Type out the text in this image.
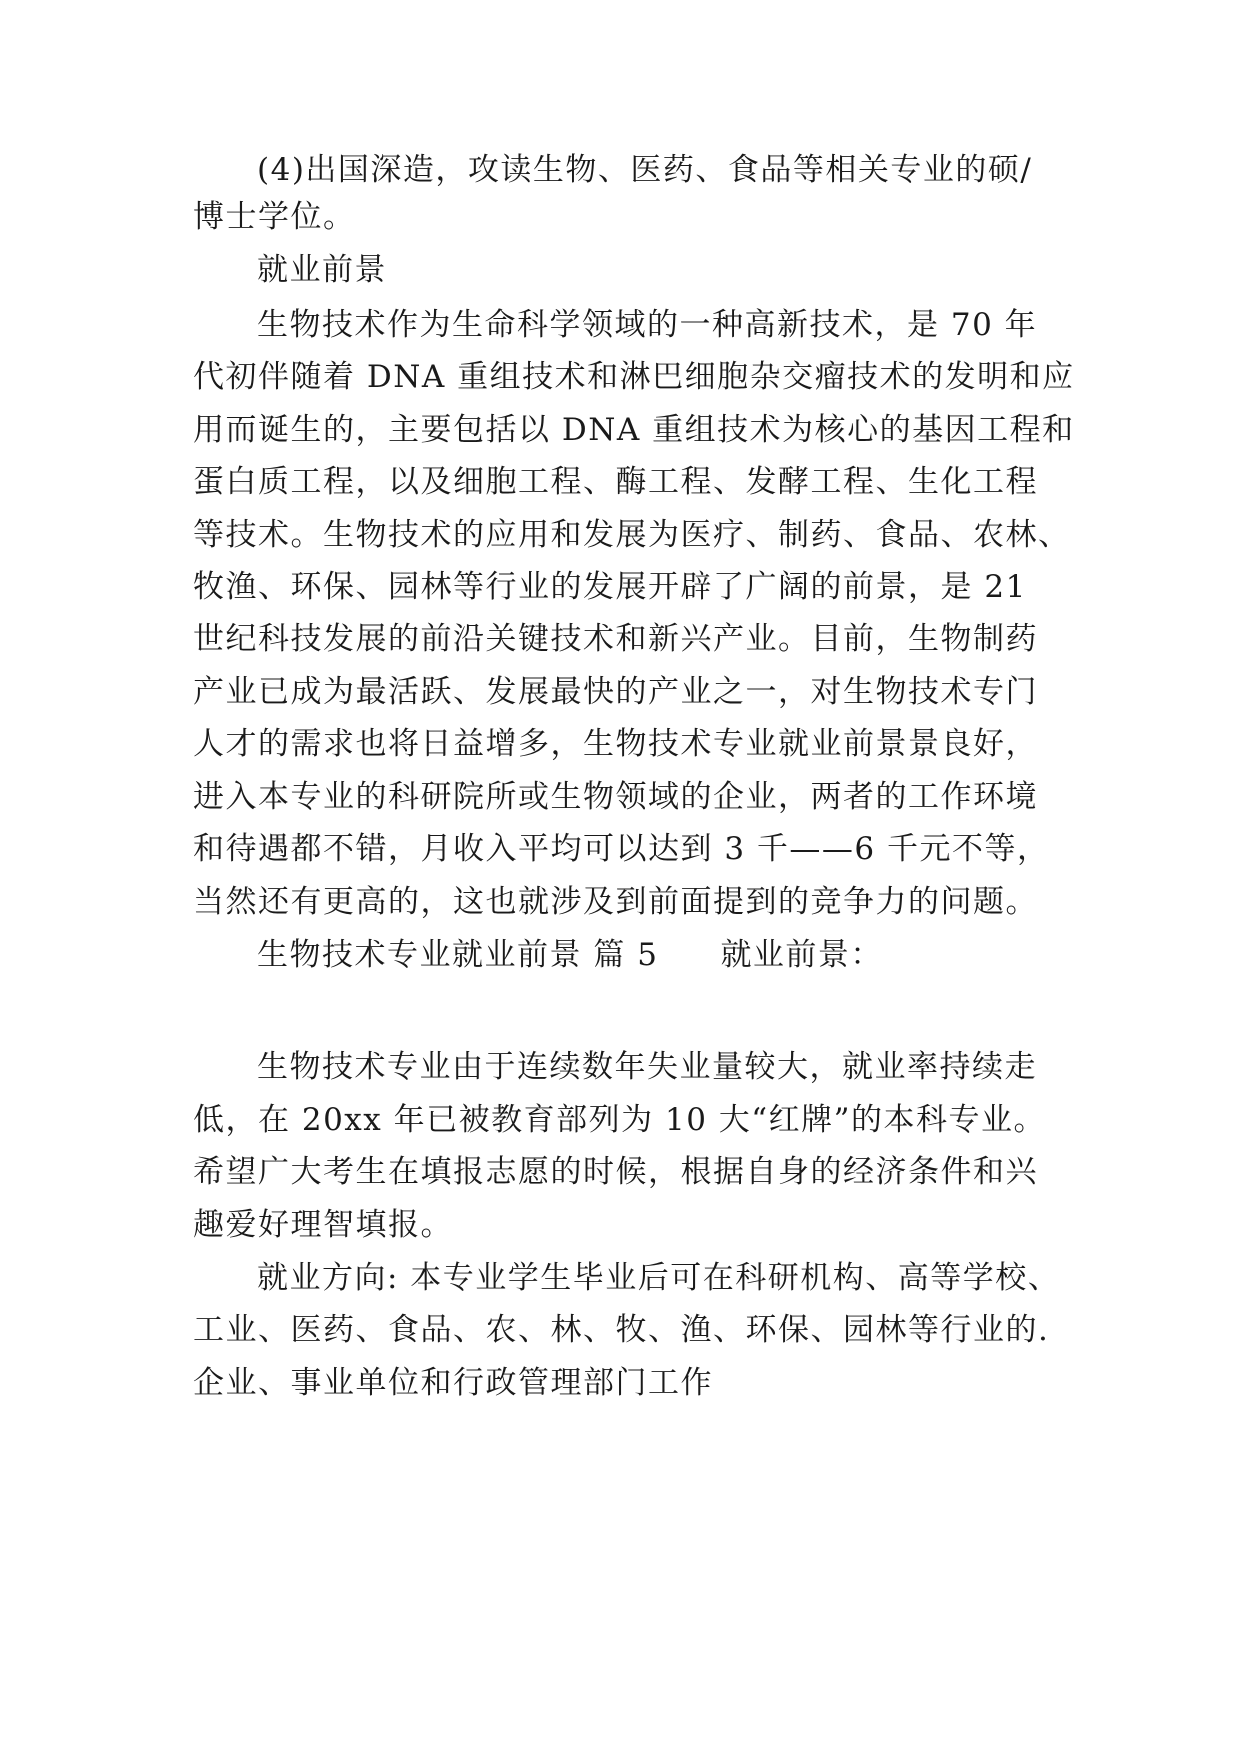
(4)出国深造，攻读生物、医药、食品等相关专业的硕/
博士学位。
就业前景
生物技术作为生命科学领域的一种高新技术，是 70 年
代初伴随着 DNA 重组技术和淋巴细胞杂交瘤技术的发明和应
用而诞生的，主要包括以 DNA 重组技术为核心的基因工程和
蛋白质工程，以及细胞工程、酶工程、发酵工程、生化工程
等技术。生物技术的应用和发展为医疗、制药、食品、农林、
牧渔、环保、园林等行业的发展开辟了广阔的前景，是 21
世纪科技发展的前沿关键技术和新兴产业。目前，生物制药
产业已成为最活跃、发展最快的产业之一，对生物技术专门
人才的需求也将日益增多，生物技术专业就业前景景良好，
进入本专业的科研院所或生物领域的企业，两者的工作环境
和待遇都不错，月收入平均可以达到 3 千——6 千元不等，
当然还有更高的，这也就涉及到前面提到的竞争力的问题。
生物技术专业就业前景 篇 5 就业前景：
生物技术专业由于连续数年失业量较大，就业率持续走
低，在 20xx 年已被教育部列为 10 大“红牌”的本科专业。
希望广大考生在填报志愿的时候，根据自身的经济条件和兴
趣爱好理智填报。
就业方向: 本专业学生毕业后可在科研机构、高等学校、
工业、医药、食品、农、林、牧、渔、环保、园林等行业的.
企业、事业单位和行政管理部门工作
